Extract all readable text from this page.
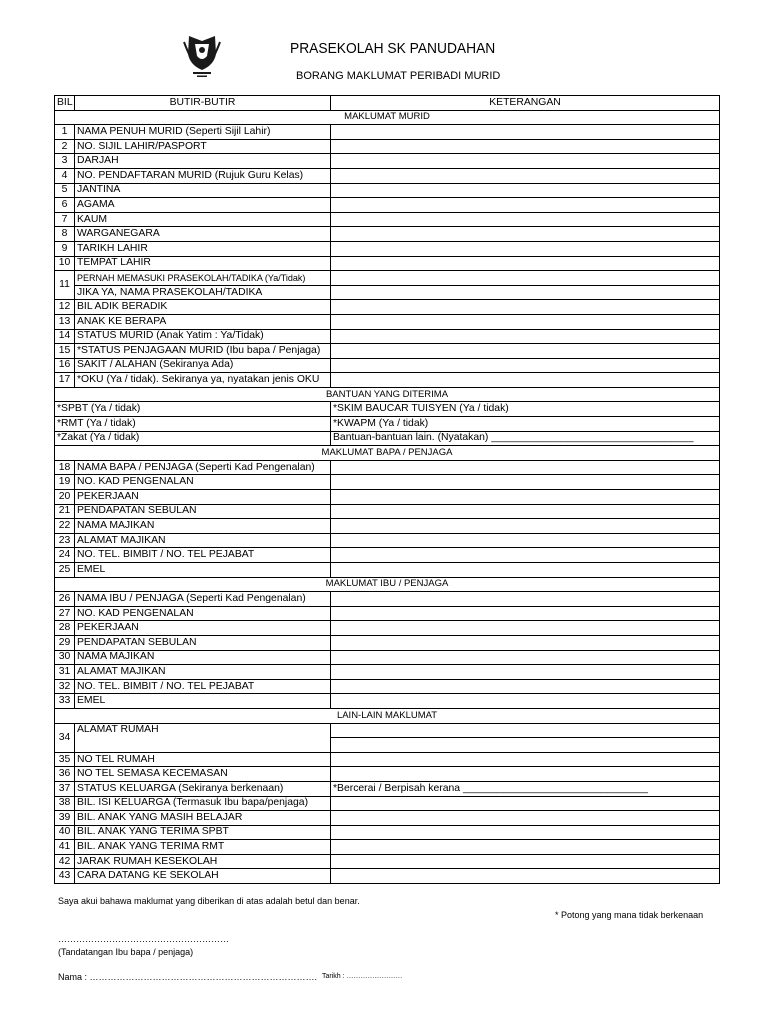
PRASEKOLAH SK PANUDAHAN
BORANG MAKLUMAT PERIBADI MURID
BIL	BUTIR-BUTIR	KETERANGAN
MAKLUMAT MURID		
1	NAMA PENUH MURID (Seperti Sijil Lahir)	
2	NO. SIJIL LAHIR/PASPORT	
3	DARJAH	
4	NO. PENDAFTARAN MURID (Rujuk Guru Kelas)	
5	JANTINA	
6	AGAMA	
7	KAUM	
8	WARGANEGARA	
9	TARIKH LAHIR	
10	TEMPAT LAHIR	
11	PERNAH MEMASUKI PRASEKOLAH/TADIKA (Ya/Tidak)	
	JIKA YA, NAMA PRASEKOLAH/TADIKA	
12	BIL ADIK BERADIK	
13	ANAK KE BERAPA	
14	STATUS MURID (Anak Yatim : Ya/Tidak)	
15	*STATUS PENJAGAAN MURID (Ibu bapa / Penjaga)	
16	SAKIT / ALAHAN (Sekiranya Ada)	
17	*OKU (Ya / tidak). Sekiranya ya, nyatakan jenis OKU	
BANTUAN YANG DITERIMA		
*SPBT (Ya / tidak)		*SKIM BAUCAR TUISYEN (Ya / tidak)
*RMT (Ya / tidak)		*KWAPM (Ya / tidak)
*Zakat (Ya / tidak)		Bantuan-bantuan lain. (Nyatakan) ___________________________________
MAKLUMAT BAPA / PENJAGA		
18	NAMA BAPA / PENJAGA (Seperti Kad Pengenalan)	
19	NO. KAD PENGENALAN	
20	PEKERJAAN	
21	PENDAPATAN SEBULAN	
22	NAMA MAJIKAN	
23	ALAMAT MAJIKAN	
24	NO. TEL. BIMBIT / NO. TEL PEJABAT	
25	EMEL	
MAKLUMAT IBU / PENJAGA		
26	NAMA IBU / PENJAGA (Seperti Kad Pengenalan)	
27	NO. KAD PENGENALAN	
28	PEKERJAAN	
29	PENDAPATAN SEBULAN	
30	NAMA MAJIKAN	
31	ALAMAT MAJIKAN	
32	NO. TEL. BIMBIT / NO. TEL PEJABAT	
33	EMEL	
LAIN-LAIN MAKLUMAT		
34	ALAMAT RUMAH	

35	NO TEL RUMAH	
36	NO TEL SEMASA KECEMASAN	
37	STATUS KELUARGA (Sekiranya berkenaan)	*Bercerai / Berpisah kerana ________________________________
38	BIL. ISI KELUARGA (Termasuk Ibu bapa/penjaga)	
39	BIL. ANAK YANG MASIH BELAJAR	
40	BIL. ANAK YANG TERIMA SPBT	
41	BIL. ANAK YANG TERIMA RMT	
42	JARAK RUMAH KESEKOLAH	
43	CARA DATANG KE SEKOLAH	
Saya akui bahawa maklumat yang diberikan di atas adalah betul dan benar.
* Potong yang mana tidak berkenaan
…………………………………………………
(Tandatangan Ibu bapa / penjaga)
Nama : …………………………………………………………………. Tarikh : ……………………
